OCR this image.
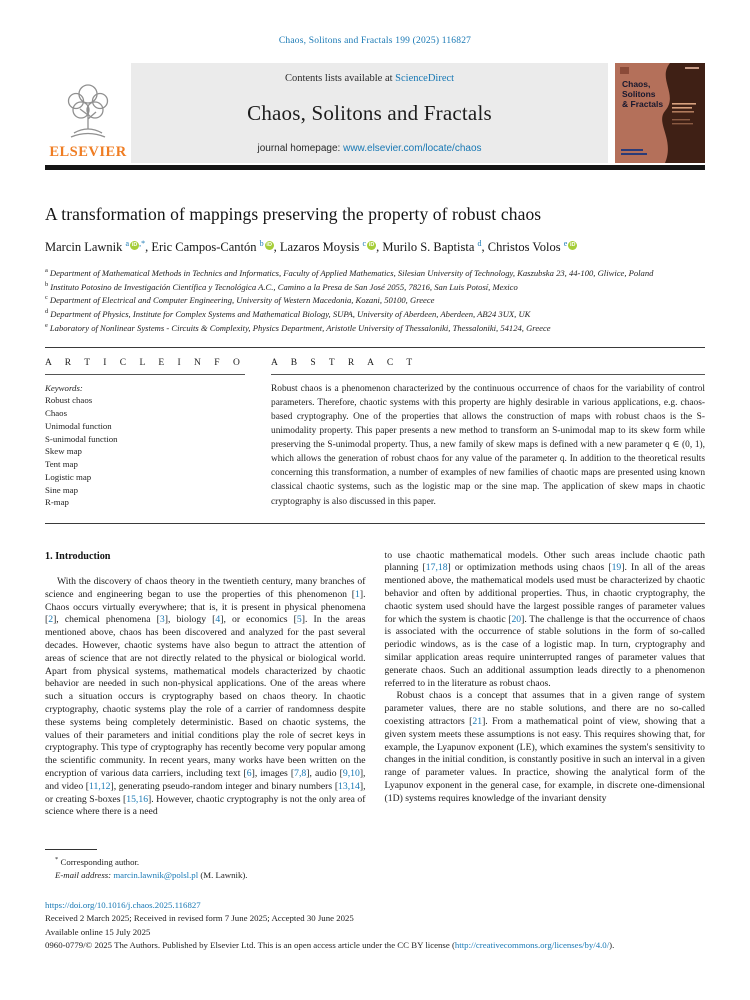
Chaos, Solitons and Fractals 199 (2025) 116827
ELSEVIER
Contents lists available at ScienceDirect
Chaos, Solitons and Fractals
journal homepage: www.elsevier.com/locate/chaos
Chaos, Solitons & Fractals
A transformation of mappings preserving the property of robust chaos
Marcin Lawnik $^a$ iD ,*, Eric Campos-Cantón $^b$ iD , Lazaros Moysis $^c$ iD , Murilo S. Baptista $^d$, Christos Volos $^e$ iD
$^a$ Department of Mathematical Methods in Technics and Informatics, Faculty of Applied Mathematics, Silesian University of Technology, Kaszubska 23, 44-100, Gliwice, Poland
$^b$ Instituto Potosino de Investigación Científica y Tecnológica A.C., Camino a la Presa de San José 2055, 78216, San Luis Potosí, Mexico
$^c$ Department of Electrical and Computer Engineering, University of Western Macedonia, Kozani, 50100, Greece
$^d$ Department of Physics, Institute for Complex Systems and Mathematical Biology, SUPA, University of Aberdeen, Aberdeen, AB24 3UX, UK
$^e$ Laboratory of Nonlinear Systems - Circuits & Complexity, Physics Department, Aristotle University of Thessaloniki, Thessaloniki, 54124, Greece
A R T I C L E I N F O
Keywords:
Robust chaos
Chaos
Unimodal function
S-unimodal function
Skew map
Tent map
Logistic map
Sine map
R-map
A B S T R A C T
Robust chaos is a phenomenon characterized by the continuous occurrence of chaos for the variability of control parameters. Therefore, chaotic systems with this property are highly desirable in various applications, e.g. chaos-based cryptography. One of the properties that allows the construction of maps with robust chaos is the S-unimodality property. This paper presents a new method to transform an S-unimodal map to its skew form while preserving the S-unimodal property. Thus, a new family of skew maps is defined with a new parameter q ∈ (0, 1), which allows the generation of robust chaos for any value of the parameter q. In addition to the theoretical results concerning this transformation, a number of examples of new families of chaotic maps are presented using known classical chaotic systems, such as the logistic map or the sine map. The application of skew maps in chaotic cryptography is also discussed in this paper.
1. Introduction

With the discovery of chaos theory in the twentieth century, many branches of science and engineering began to use the properties of this phenomenon [1]. Chaos occurs virtually everywhere; that is, it is present in physical phenomena [2], chemical phenomena [3], biology [4], or economics [5]. In the areas mentioned above, chaos has been discovered and analyzed for the past several decades. However, chaotic systems have also begun to attract the attention of areas of science that are not directly related to the physical or biological world. Apart from physical systems, mathematical models characterized by chaotic behavior are needed in such non-physical applications. One of the areas where such a situation occurs is cryptography based on chaos theory. In chaotic cryptography, chaotic systems play the role of a carrier of randomness despite these systems being completely deterministic. Based on chaotic systems, the values of their parameters and initial conditions play the role of secret keys in cryptography. This type of cryptography has recently become very popular among the scientific community. In recent years, many works have been written on the encryption of various data carriers, including text [6], images [7,8], audio [9,10], and video [11,12], generating pseudo-random integer and binary numbers [13,14], or creating S-boxes [15,16]. However, chaotic cryptography is not the only area of science where there is a need

to use chaotic mathematical models. Other such areas include chaotic path planning [17,18] or optimization methods using chaos [19]. In all of the areas mentioned above, the mathematical models used must be characterized by chaotic behavior and often by additional properties. Thus, in chaotic cryptography, the chaotic system used should have the largest possible ranges of parameter values for which the system is chaotic [20]. The challenge is that the occurrence of chaos is associated with the occurrence of stable solutions in the form of so-called periodic windows, as is the case of a logistic map. In turn, cryptography and similar application areas require uninterrupted ranges of parameter values that generate chaos. Such an additional assumption leads directly to a phenomenon referred to in the literature as robust chaos.

Robust chaos is a concept that assumes that in a given range of system parameter values, there are no stable solutions, and there are no so-called coexisting attractors [21]. From a mathematical point of view, showing that a given system meets these assumptions is not easy. This requires showing that, for example, the Lyapunov exponent (LE), which examines the system's sensitivity to changes in the initial condition, is constantly positive in such an interval in a given range of parameter values. In practice, showing the analytical form of the Lyapunov exponent in the general case, for example, in discrete one-dimensional (1D) systems requires knowledge of the invariant density

* Corresponding author.
E-mail address: marcin.lawnik@polsl.pl (M. Lawnik).
https://doi.org/10.1016/j.chaos.2025.116827
Received 2 March 2025; Received in revised form 7 June 2025; Accepted 30 June 2025
Available online 15 July 2025
0960-0779/© 2025 The Authors. Published by Elsevier Ltd. This is an open access article under the CC BY license (http://creativecommons.org/licenses/by/4.0/).
